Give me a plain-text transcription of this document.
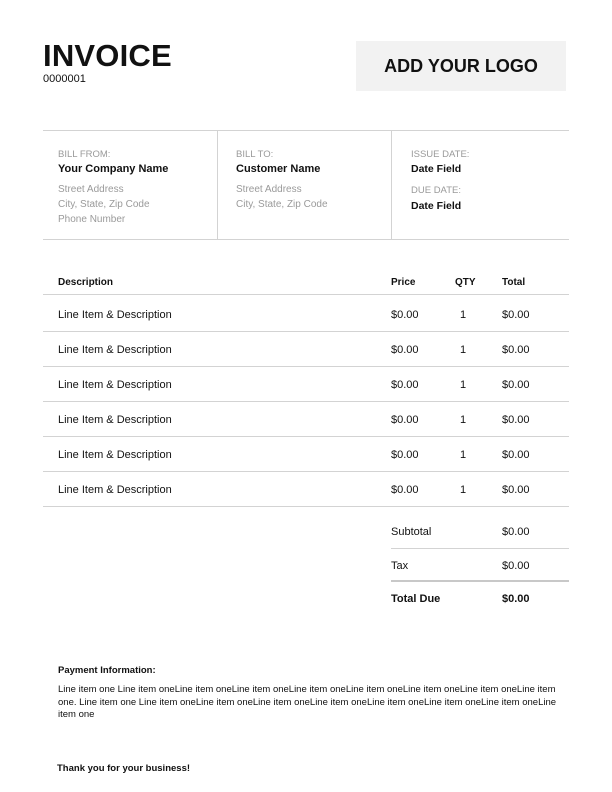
INVOICE
0000001
ADD YOUR LOGO
BILL FROM:
Your Company Name
Street Address
City, State, Zip Code
Phone Number
BILL TO:
Customer Name
Street Address
City, State, Zip Code
ISSUE DATE:
Date Field
DUE DATE:
Date Field
Description	Price	QTY	Total
Line Item & Description	$0.00	1	$0.00
Line Item & Description	$0.00	1	$0.00
Line Item & Description	$0.00	1	$0.00
Line Item & Description	$0.00	1	$0.00
Line Item & Description	$0.00	1	$0.00
Line Item & Description	$0.00	1	$0.00
Subtotal	$0.00
Tax	$0.00
Total Due	$0.00
Payment Information:
Line item one Line item oneLine item oneLine item oneLine item oneLine item oneLine item oneLine item oneLine item one. Line item one Line item oneLine item oneLine item oneLine item oneLine item oneLine item oneLine item oneLine item one
Thank you for your business!
